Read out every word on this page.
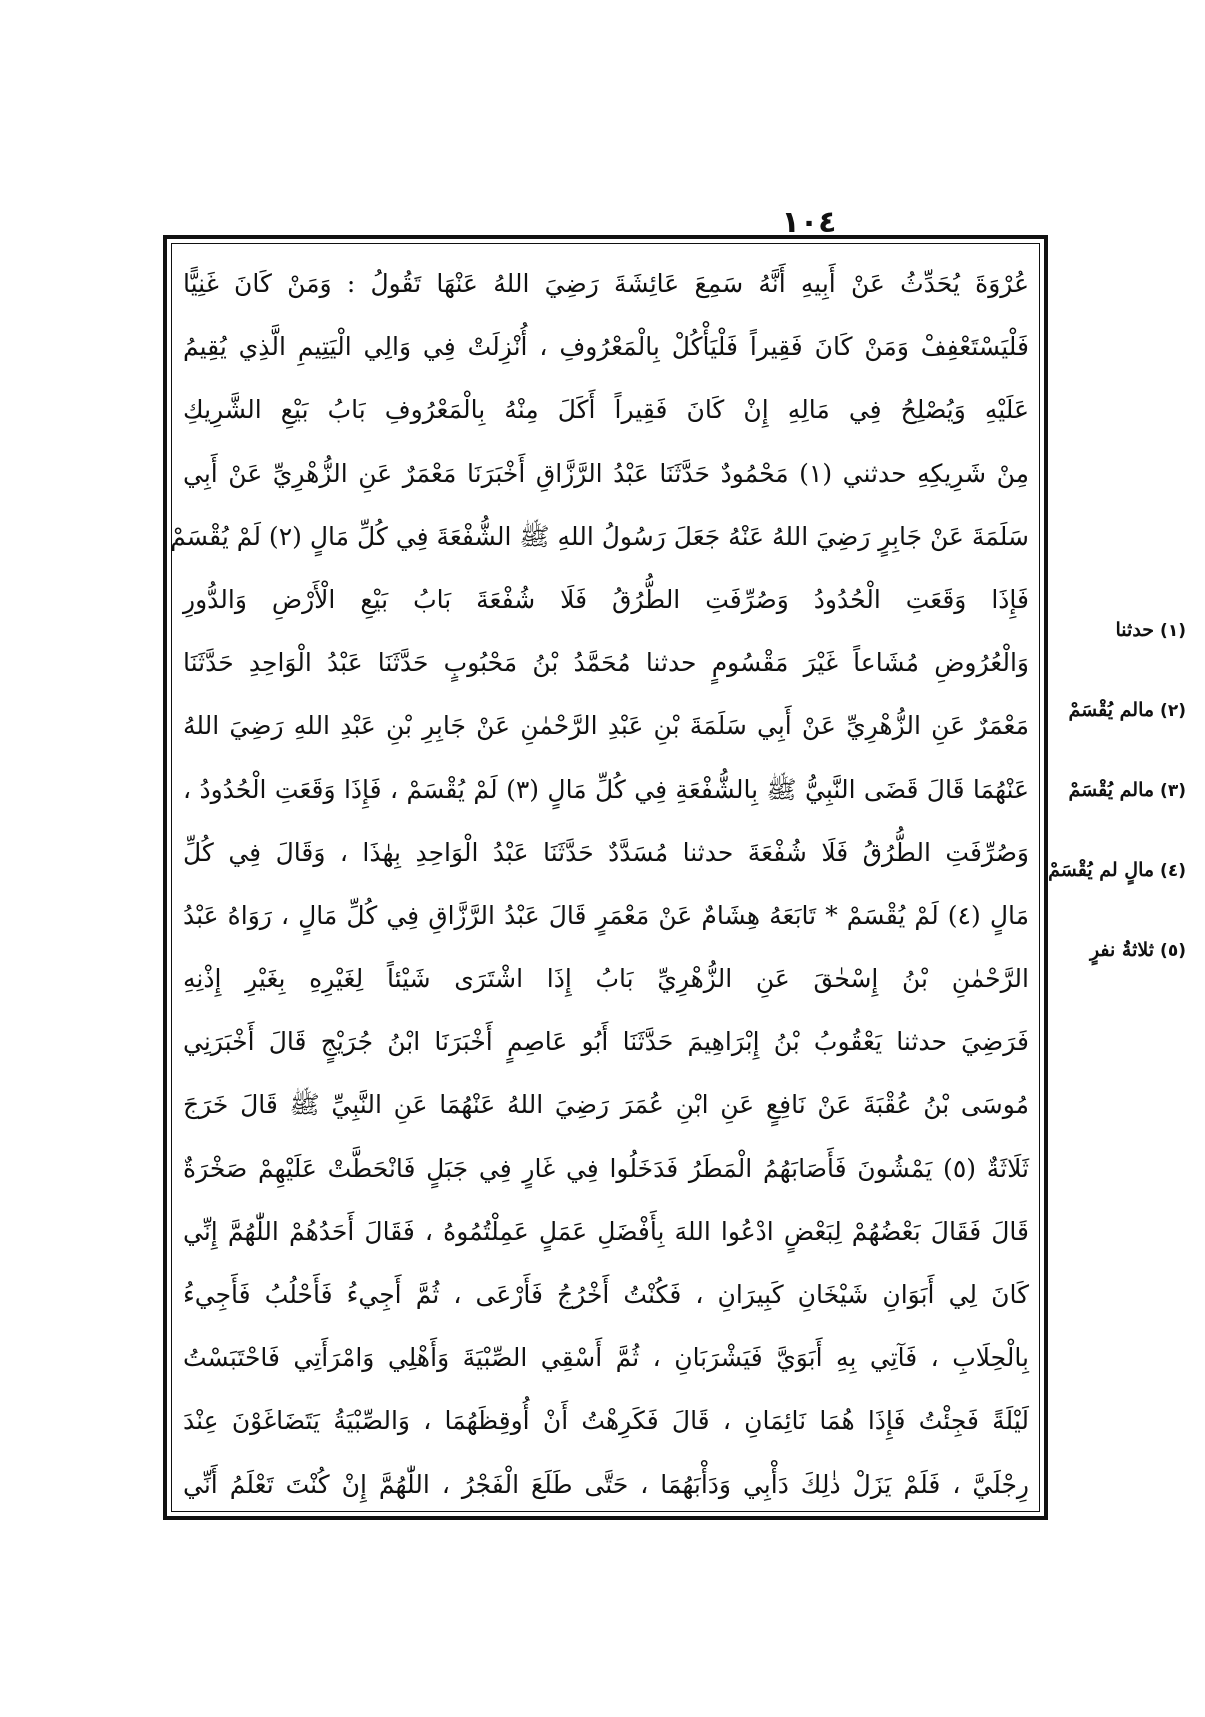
١٠٤
عُرْوَةَ يُحَدِّثُ عَنْ أَبِيهِ أَنَّهُ سَمِعَ عَائِشَةَ رَضِيَ اللهُ عَنْهَا تَقُولُ : وَمَنْ كَانَ غَنِيًّا
فَلْيَسْتَعْفِفْ وَمَنْ كَانَ فَقِيراً فَلْيَأْكُلْ بِالْمَعْرُوفِ ، أُنْزِلَتْ فِي وَالِي الْيَتِيمِ الَّذِي يُقِيمُ
عَلَيْهِ وَيُصْلِحُ فِي مَالِهِ إِنْ كَانَ فَقِيراً أَكَلَ مِنْهُ بِالْمَعْرُوفِ بَابُ بَيْعِ الشَّرِيكِ
مِنْ شَرِيكِهِ حدثني (١) مَحْمُودٌ حَدَّثَنَا عَبْدُ الرَّزَّاقِ أَخْبَرَنَا مَعْمَرٌ عَنِ الزُّهْرِيِّ عَنْ أَبِي
سَلَمَةَ عَنْ جَابِرٍ رَضِيَ اللهُ عَنْهُ جَعَلَ رَسُولُ اللهِ ﷺ الشُّفْعَةَ فِي كُلِّ مَالٍ (٢) لَمْ يُقْسَمْ
فَإِذَا وَقَعَتِ الْحُدُودُ وَصُرِّفَتِ الطُّرُقُ فَلَا شُفْعَةَ بَابُ بَيْعِ الْأَرْضِ وَالدُّورِ
وَالْعُرُوضِ مُشَاعاً غَيْرَ مَقْسُومٍ حدثنا مُحَمَّدُ بْنُ مَحْبُوبٍ حَدَّثَنَا عَبْدُ الْوَاحِدِ حَدَّثَنَا
مَعْمَرٌ عَنِ الزُّهْرِيِّ عَنْ أَبِي سَلَمَةَ بْنِ عَبْدِ الرَّحْمٰنِ عَنْ جَابِرِ بْنِ عَبْدِ اللهِ رَضِيَ اللهُ
عَنْهُمَا قَالَ قَضَى النَّبِيُّ ﷺ بِالشُّفْعَةِ فِي كُلِّ مَالٍ (٣) لَمْ يُقْسَمْ ، فَإِذَا وَقَعَتِ الْحُدُودُ ،
وَصُرِّفَتِ الطُّرُقُ فَلَا شُفْعَةَ حدثنا مُسَدَّدٌ حَدَّثَنَا عَبْدُ الْوَاحِدِ بِهٰذَا ، وَقَالَ فِي كُلِّ
مَالٍ (٤) لَمْ يُقْسَمْ * تَابَعَهُ هِشَامٌ عَنْ مَعْمَرٍ قَالَ عَبْدُ الرَّزَّاقِ فِي كُلِّ مَالٍ ، رَوَاهُ عَبْدُ
الرَّحْمٰنِ بْنُ إِسْحٰقَ عَنِ الزُّهْرِيِّ بَابُ إِذَا اشْتَرَى شَيْئاً لِغَيْرِهِ بِغَيْرِ إِذْنِهِ
فَرَضِيَ حدثنا يَعْقُوبُ بْنُ إِبْرَاهِيمَ حَدَّثَنَا أَبُو عَاصِمٍ أَخْبَرَنَا ابْنُ جُرَيْجٍ قَالَ أَخْبَرَنِي
مُوسَى بْنُ عُقْبَةَ عَنْ نَافِعٍ عَنِ ابْنِ عُمَرَ رَضِيَ اللهُ عَنْهُمَا عَنِ النَّبِيِّ ﷺ قَالَ خَرَجَ
ثَلَاثَةٌ (٥) يَمْشُونَ فَأَصَابَهُمُ الْمَطَرُ فَدَخَلُوا فِي غَارٍ فِي جَبَلٍ فَانْحَطَّتْ عَلَيْهِمْ صَخْرَةٌ
قَالَ فَقَالَ بَعْضُهُمْ لِبَعْضٍ ادْعُوا اللهَ بِأَفْضَلِ عَمَلٍ عَمِلْتُمُوهُ ، فَقَالَ أَحَدُهُمْ اللّٰهُمَّ إِنِّي
كَانَ لِي أَبَوَانِ شَيْخَانِ كَبِيرَانِ ، فَكُنْتُ أَخْرُجُ فَأَرْعَى ، ثُمَّ أَجِيءُ فَأَحْلُبُ فَأَجِيءُ
بِالْحِلَابِ ، فَآتِي بِهِ أَبَوَيَّ فَيَشْرَبَانِ ، ثُمَّ أَسْقِي الصِّبْيَةَ وَأَهْلِي وَامْرَأَتِي فَاحْتَبَسْتُ
لَيْلَةً فَجِئْتُ فَإِذَا هُمَا نَائِمَانِ ، قَالَ فَكَرِهْتُ أَنْ أُوقِظَهُمَا ، وَالصِّبْيَةُ يَتَضَاغَوْنَ عِنْدَ
رِجْلَيَّ ، فَلَمْ يَزَلْ ذٰلِكَ دَأْبِي وَدَأْبَهُمَا ، حَتَّى طَلَعَ الْفَجْرُ ، اللّٰهُمَّ إِنْ كُنْتَ تَعْلَمُ أَنِّي
(١)
حدثنا
(٢)
مالم يُقْسَمْ
(٣)
مالم يُقْسَمْ
(٤)
مالٍ لم يُقْسَمْ
(٥)
ثلاثةُ نفرٍ
